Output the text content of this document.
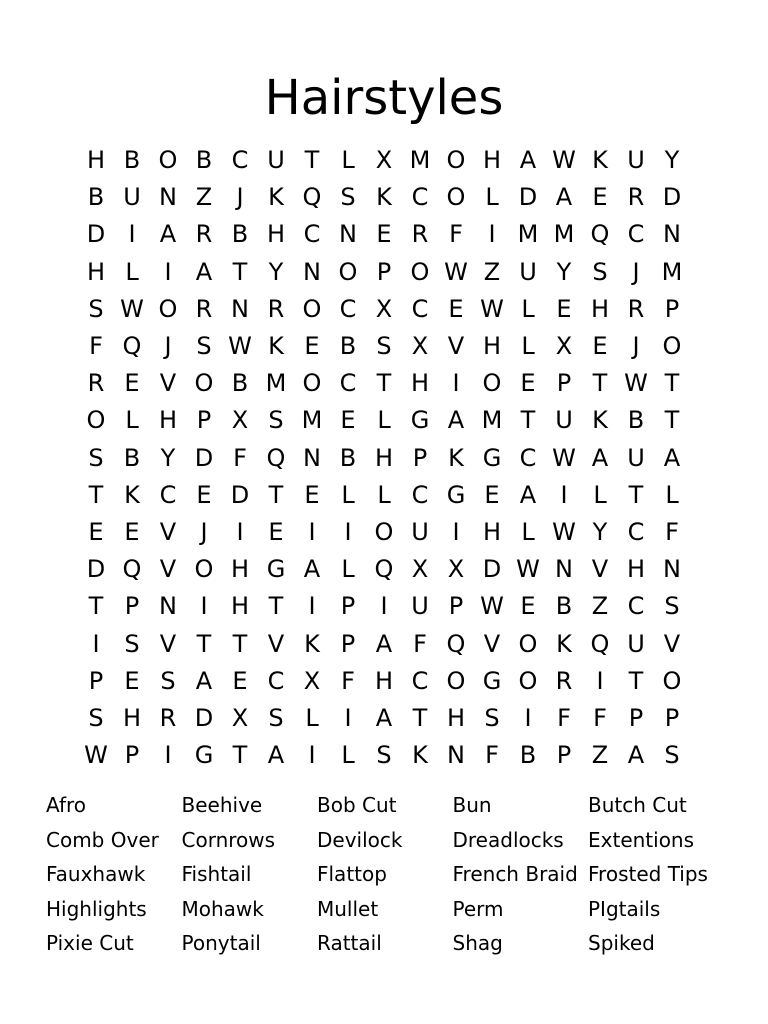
Hairstyles
H B O B C U T L X M O H A W K U Y
B U N Z	J	K Q S K C O L D A E R D
D I	A R B H C N E R F	I M M Q C N
H L	I	A T Y N O P O W Z U Y S	J M
S W O R N R O C X C E W L E H R P
F Q J	S W K E B S X V H L X E	J O
R E V O B M O C T H I O E P T W T
O L H P X S M E L G A M T U K B T
S B Y D F Q N B H P K G C W A U A
T K C E D T E L L C G E A	I	L T L
E E V	J	I	E	I	I O U I H L W Y C F
D Q V O H G A L Q X X D W N V H N
T P N I H T	I	P	I U P W E B Z C S
I	S V T T V K P A F Q V O K Q U V
P E S A E C X F H C O G O R	I	T O
S H R D X S L	I	A T H S	I	F F P P
W P	I G T A	I	L S K N F B P Z A S
Afro	Beehive	Bob Cut	Bun	Butch Cut
Comb Over	Cornrows	Devilock	Dreadlocks	Extentions
Fauxhawk	Fishtail	Flattop	French Braid Frosted Tips
Highlights	Mohawk	Mullet	Perm	PIgtails
Pixie Cut	Ponytail	Rattail	Shag	Spiked
